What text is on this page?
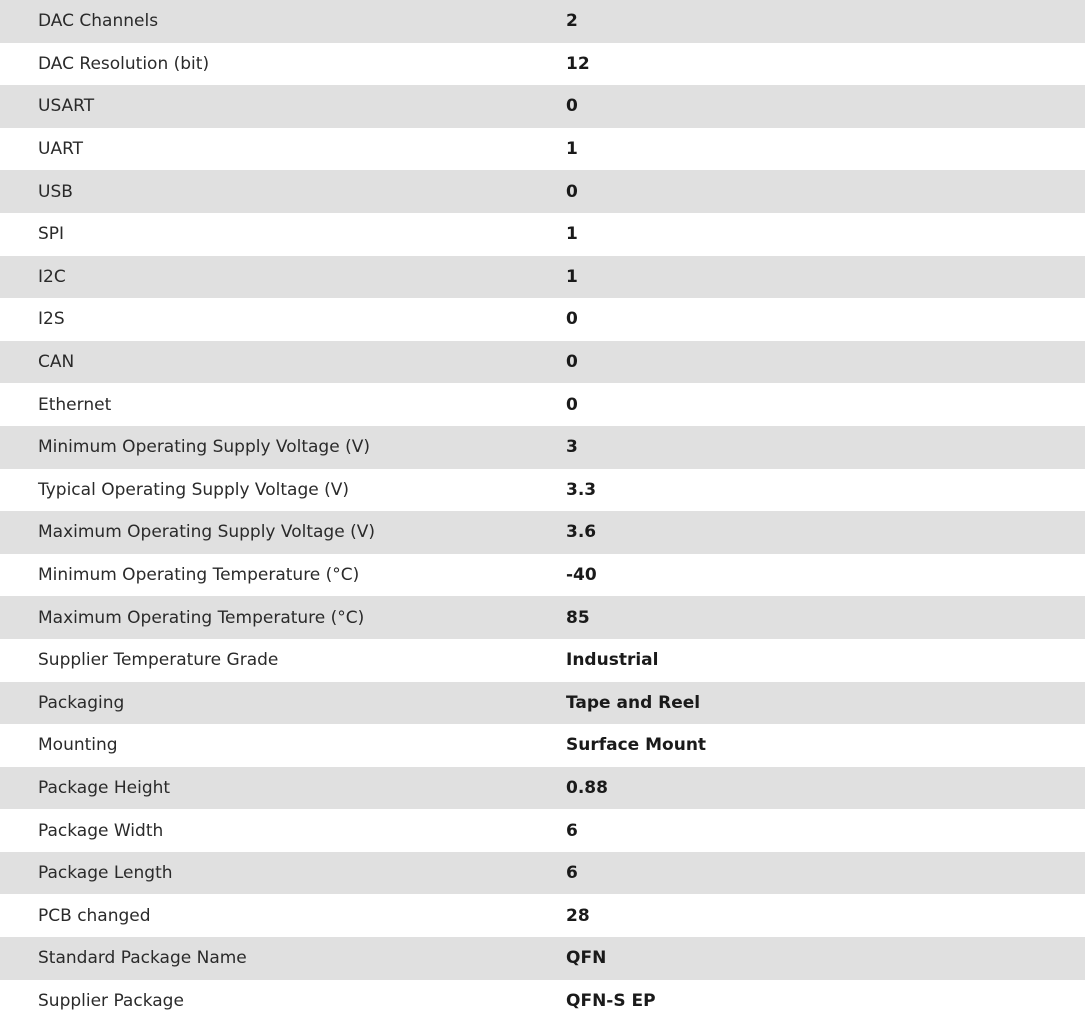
DAC Channels	2
DAC Resolution (bit)	12
USART	0
UART	1
USB	0
SPI	1
I2C	1
I2S	0
CAN	0
Ethernet	0
Minimum Operating Supply Voltage (V)	3
Typical Operating Supply Voltage (V)	3.3
Maximum Operating Supply Voltage (V)	3.6
Minimum Operating Temperature (°C)	-40
Maximum Operating Temperature (°C)	85
Supplier Temperature Grade	Industrial
Packaging	Tape and Reel
Mounting	Surface Mount
Package Height	0.88
Package Width	6
Package Length	6
PCB changed	28
Standard Package Name	QFN
Supplier Package	QFN-S EP
